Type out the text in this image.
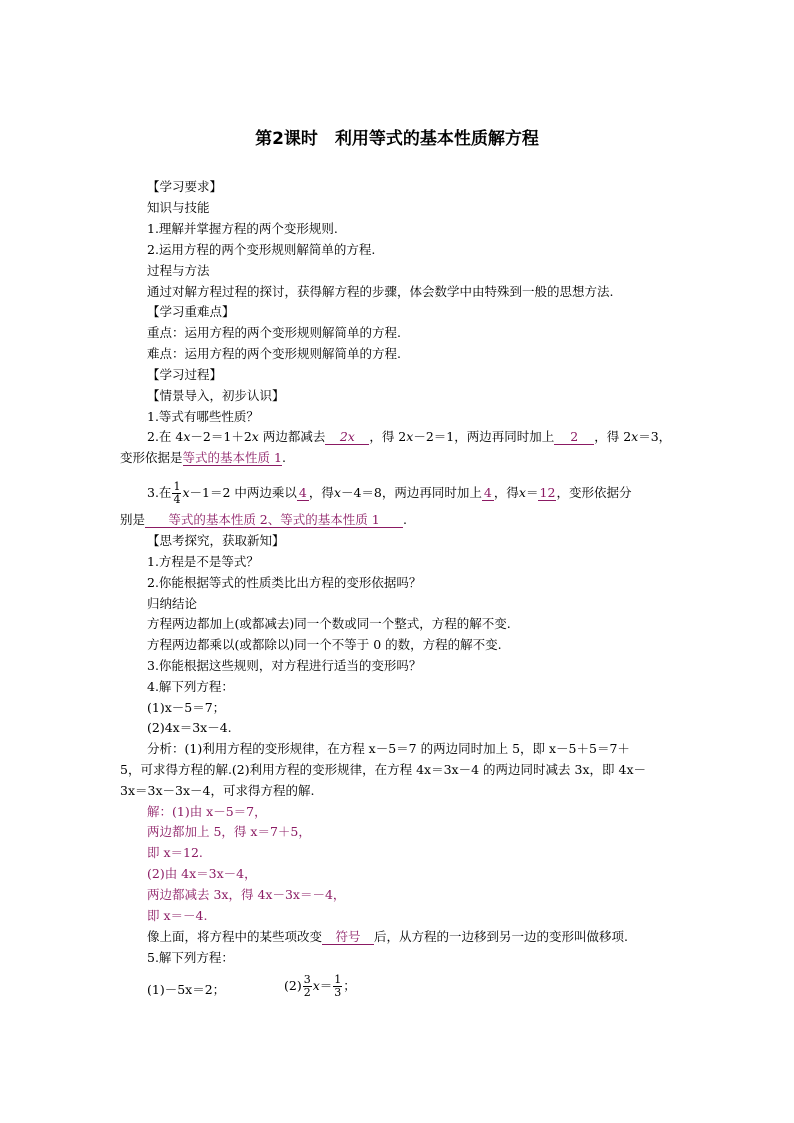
第2课时　利用等式的基本性质解方程
【学习要求】
知识与技能
1.理解并掌握方程的两个变形规则.
2.运用方程的两个变形规则解简单的方程.
过程与方法
通过对解方程过程的探讨，获得解方程的步骤，体会数学中由特殊到一般的思想方法.
【学习重难点】
重点：运用方程的两个变形规则解简单的方程.
难点：运用方程的两个变形规则解简单的方程.
【学习过程】
【情景导入，初步认识】
1.等式有哪些性质？
2.在 4x－2＝1＋2x 两边都减去 2x ，得 2x－2＝1，两边再同时加上 2 ，得 2x＝3，
变形依据是等式的基本性质 1.
3.在 $\frac{1}{4} x-1=2$ 中两边乘以 4 ，得x－4＝8，两边再同时加上 4 ，得x＝12，变形依据分
别是 等式的基本性质 2、等式的基本性质 1 .
【思考探究，获取新知】
1.方程是不是等式？
2.你能根据等式的性质类比出方程的变形依据吗？
归纳结论
方程两边都加上(或都减去)同一个数或同一个整式，方程的解不变.
方程两边都乘以(或都除以)同一个不等于 0 的数，方程的解不变.
3.你能根据这些规则，对方程进行适当的变形吗？
4.解下列方程：
(1)x－5＝7；
(2)4x＝3x－4.
分析：(1)利用方程的变形规律，在方程 x－5＝7 的两边同时加上 5，即 x－5＋5＝7＋
5，可求得方程的解.(2)利用方程的变形规律，在方程 4x＝3x－4 的两边同时减去 3x，即 4x－
3x＝3x－3x－4，可求得方程的解.
解：(1)由 x－5＝7，
两边都加上 5，得 x＝7＋5，
即 x＝12.
(2)由 4x＝3x－4，
两边都减去 3x，得 4x－3x＝－4，
即 x＝－4.
像上面，将方程中的某些项改变 符号 后，从方程的一边移到另一边的变形叫做移项.
5.解下列方程：
(1)－5x＝2；	$(2) \frac{3}{2} x= \frac{1}{3}$ ；
